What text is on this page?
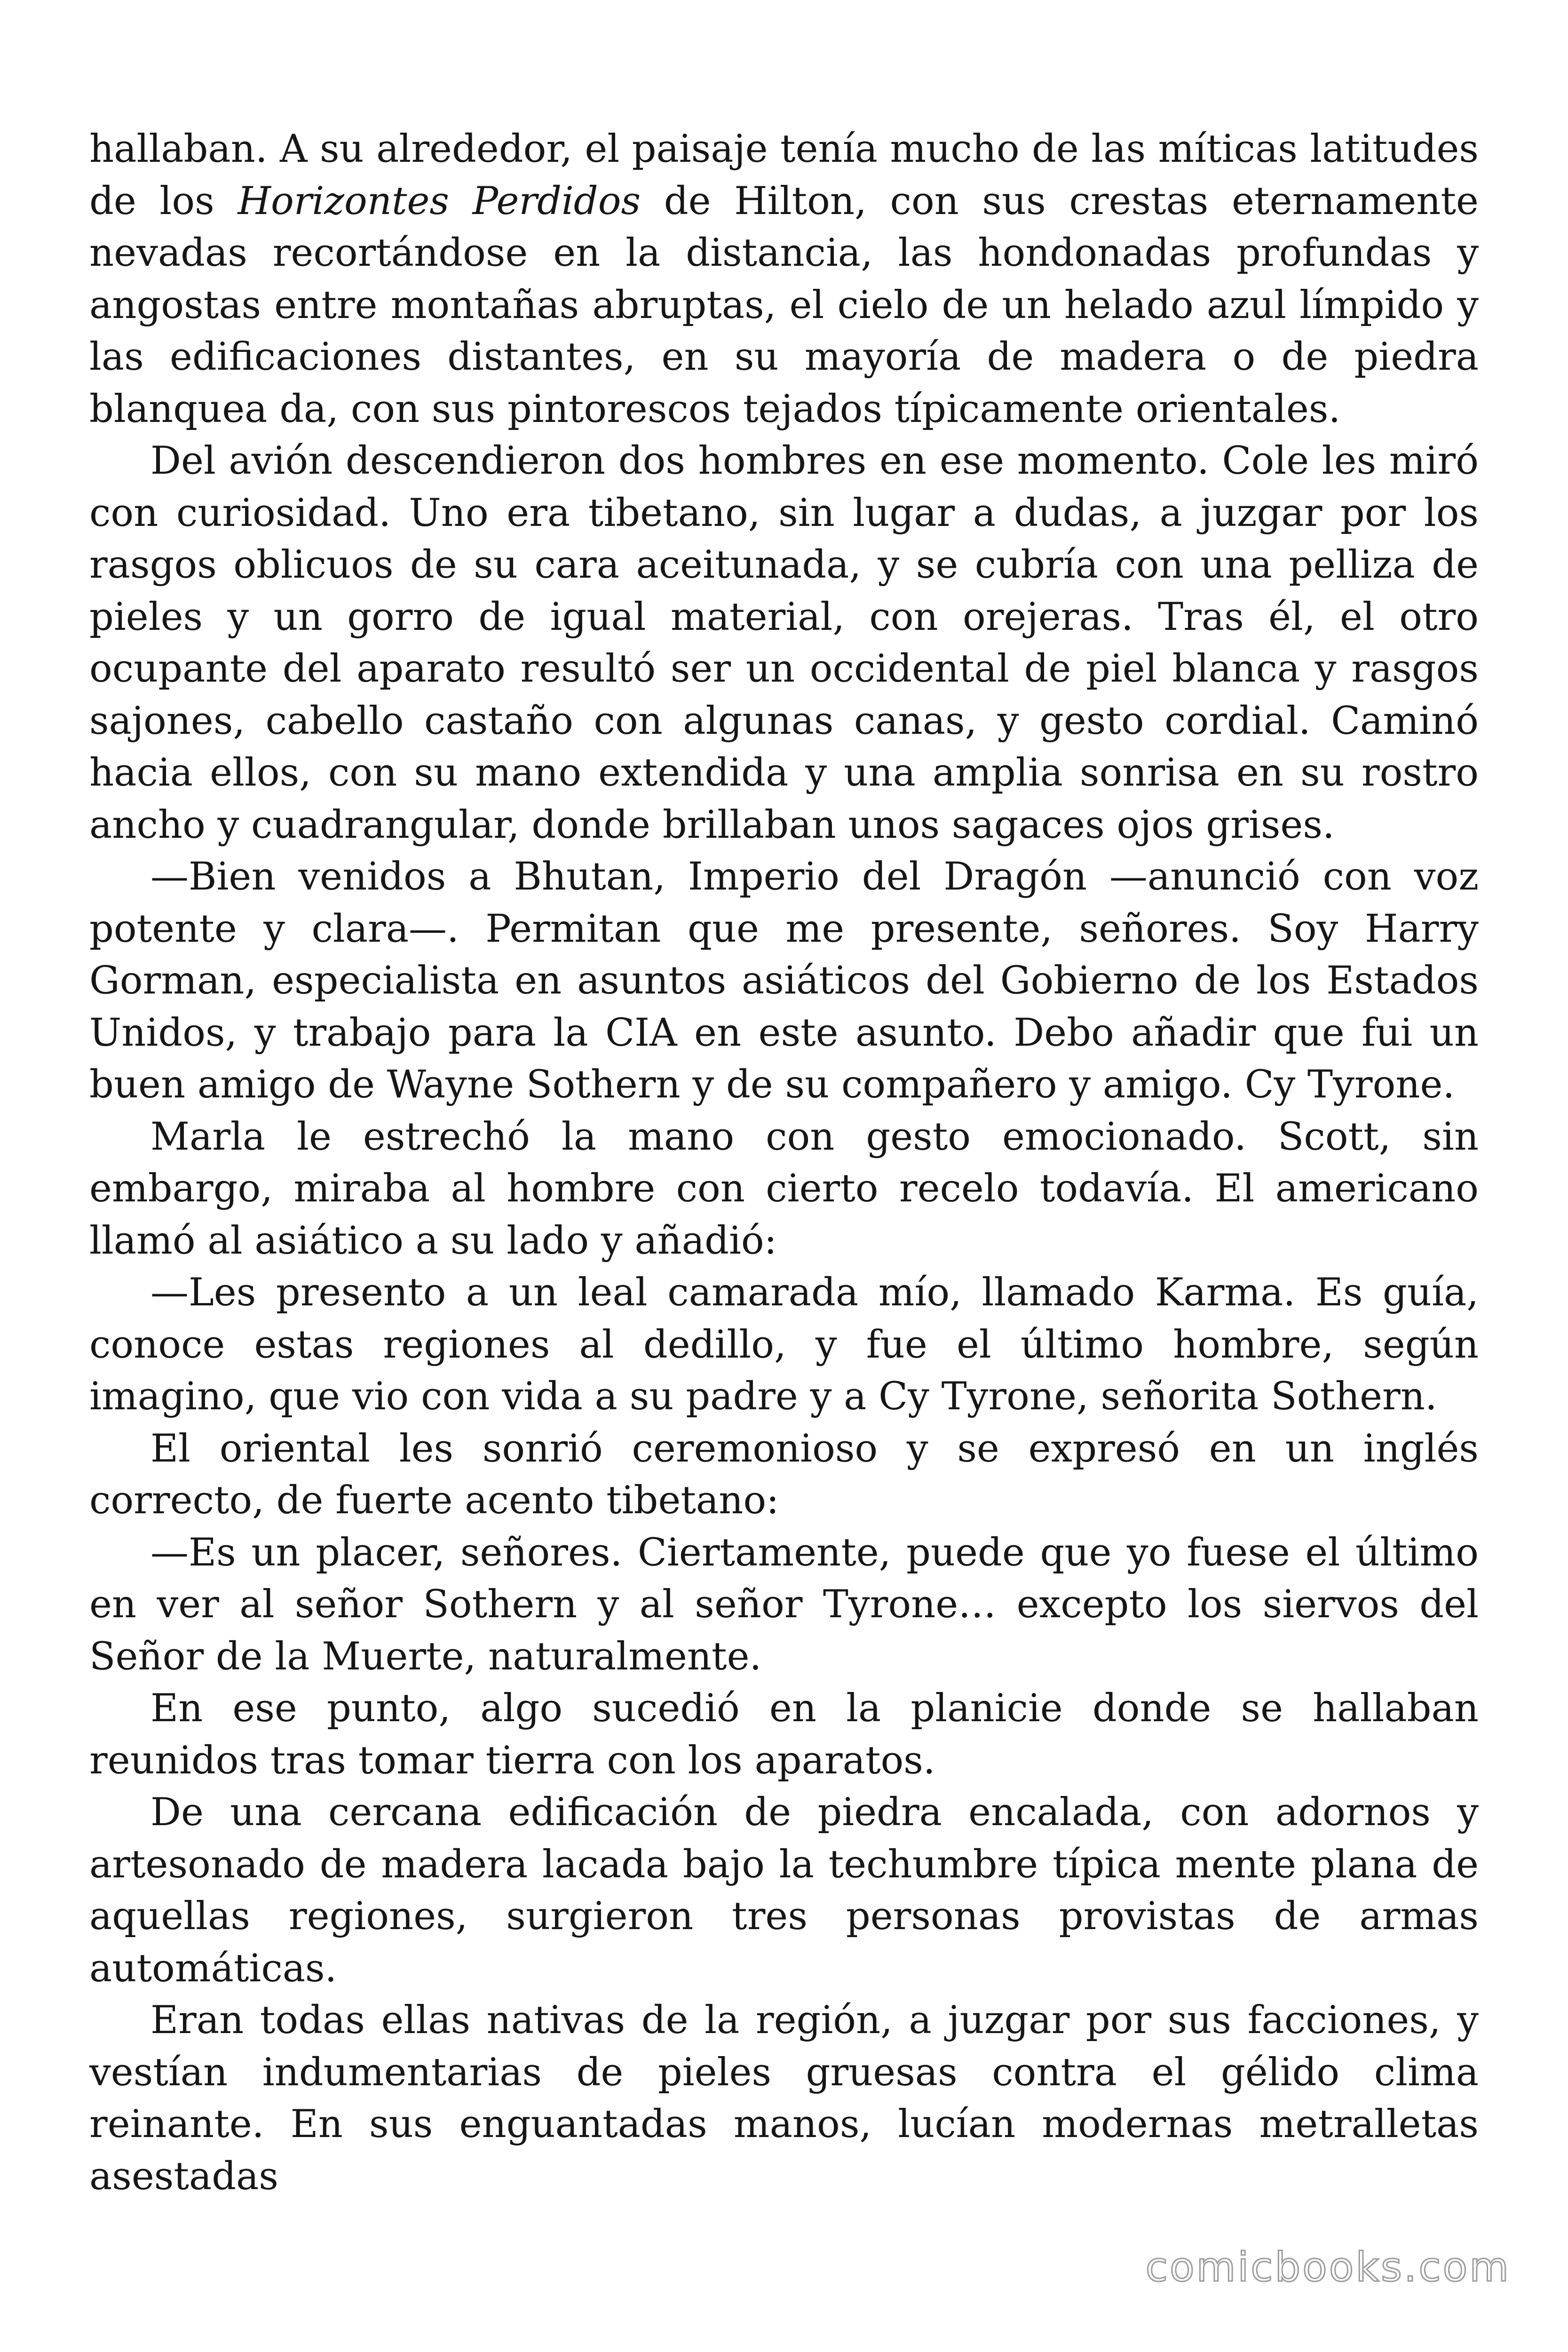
hallaban. A su alrededor, el paisaje tenía mucho de las míticas latitudes de los Horizontes Perdidos de Hilton, con sus crestas eternamente nevadas recortándose en la distancia, las hondonadas profundas y angostas entre montañas abruptas, el cielo de un helado azul límpido y las edificaciones distantes, en su mayoría de madera o de piedra blanquea da, con sus pintorescos tejados típicamente orientales.

Del avión descendieron dos hombres en ese momento. Cole les miró con curiosidad. Uno era tibetano, sin lugar a dudas, a juzgar por los rasgos oblicuos de su cara aceitunada, y se cubría con una pelliza de pieles y un gorro de igual material, con orejeras. Tras él, el otro ocupante del aparato resultó ser un occidental de piel blanca y rasgos sajones, cabello castaño con algunas canas, y gesto cordial. Caminó hacia ellos, con su mano extendida y una amplia sonrisa en su rostro ancho y cuadrangular, donde brillaban unos sagaces ojos grises.

—Bien venidos a Bhutan, Imperio del Dragón —anunció con voz potente y clara—. Permitan que me presente, señores. Soy Harry Gorman, especialista en asuntos asiáticos del Gobierno de los Estados Unidos, y trabajo para la CIA en este asunto. Debo añadir que fui un buen amigo de Wayne Sothern y de su compañero y amigo. Cy Tyrone.

Marla le estrechó la mano con gesto emocionado. Scott, sin embargo, miraba al hombre con cierto recelo todavía. El americano llamó al asiático a su lado y añadió:

—Les presento a un leal camarada mío, llamado Karma. Es guía, conoce estas regiones al dedillo, y fue el último hombre, según imagino, que vio con vida a su padre y a Cy Tyrone, señorita Sothern.

El oriental les sonrió ceremonioso y se expresó en un inglés correcto, de fuerte acento tibetano:

—Es un placer, señores. Ciertamente, puede que yo fuese el último en ver al señor Sothern y al señor Tyrone… excepto los siervos del Señor de la Muerte, naturalmente.

En ese punto, algo sucedió en la planicie donde se hallaban reunidos tras tomar tierra con los aparatos.

De una cercana edificación de piedra encalada, con adornos y artesonado de madera lacada bajo la techumbre típica mente plana de aquellas regiones, surgieron tres personas provistas de armas automáticas.

Eran todas ellas nativas de la región, a juzgar por sus facciones, y vestían indumentarias de pieles gruesas contra el gélido clima reinante. En sus enguantadas manos, lucían modernas metralletas asestadas

comicbooks.com
